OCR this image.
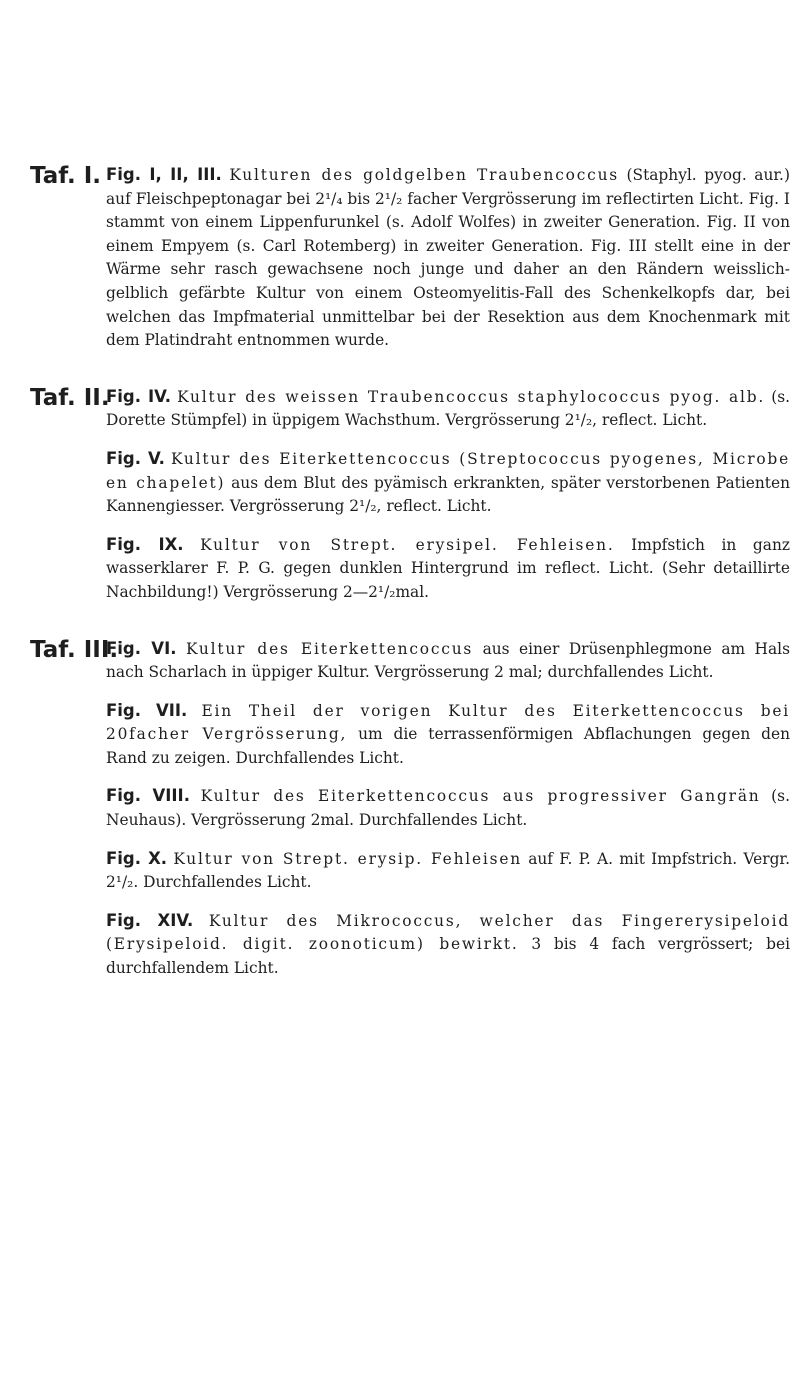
Taf. I. Fig. I, II, III. Kulturen des goldgelben Traubencoccus (Staphyl. pyog. aur.) auf Fleischpeptonagar bei 2¹/₄ bis 2¹/₂ facher Vergrösserung im reflectirten Licht. Fig. I stammt von einem Lippenfurunkel (s. Adolf Wolfes) in zweiter Generation. Fig. II von einem Empyem (s. Carl Rotemberg) in zweiter Generation. Fig. III stellt eine in der Wärme sehr rasch gewachsene noch junge und daher an den Rändern weisslich-gelblich gefärbte Kultur von einem Osteomyelitis-Fall des Schenkelkopfs dar, bei welchen das Impfmaterial unmittelbar bei der Resektion aus dem Knochenmark mit dem Platindraht entnommen wurde.
Taf. II.
Fig. IV. Kultur des weissen Traubencoccus staphylococcus pyog. alb. (s. Dorette Stümpfel) in üppigem Wachsthum. Vergrösserung 2¹/₂, reflect. Licht.
Fig. V. Kultur des Eiterkettencoccus (Streptococcus pyogenes, Microbe en chapelet) aus dem Blut des pyämisch erkrankten, später verstorbenen Patienten Kannengiesser. Vergrösserung 2¹/₂, reflect. Licht.
Fig. IX. Kultur von Strept. erysipel. Fehleisen. Impfstich in ganz wasserklarer F. P. G. gegen dunklen Hintergrund im reflect. Licht. (Sehr detaillirte Nachbildung!) Vergrösserung 2—2¹/₂mal.
Taf. III.
Fig. VI. Kultur des Eiterkettencoccus aus einer Drüsenphlegmone am Hals nach Scharlach in üppiger Kultur. Vergrösserung 2 mal; durchfallendes Licht.
Fig. VII. Ein Theil der vorigen Kultur des Eiterkettencoccus bei 20facher Vergrösserung, um die terrassenförmigen Abflachungen gegen den Rand zu zeigen. Durchfallendes Licht.
Fig. VIII. Kultur des Eiterkettencoccus aus progressiver Gangrän (s. Neuhaus). Vergrösserung 2mal. Durchfallendes Licht.
Fig. X. Kultur von Strept. erysip. Fehleisen auf F. P. A. mit Impfstrich. Vergr. 2¹/₂. Durchfallendes Licht.
Fig. XIV. Kultur des Mikrococcus, welcher das Fingererysipeloid (Erysipeloid. digit. zoonoticum) bewirkt. 3 bis 4 fach vergrössert; bei durchfallendem Licht.
